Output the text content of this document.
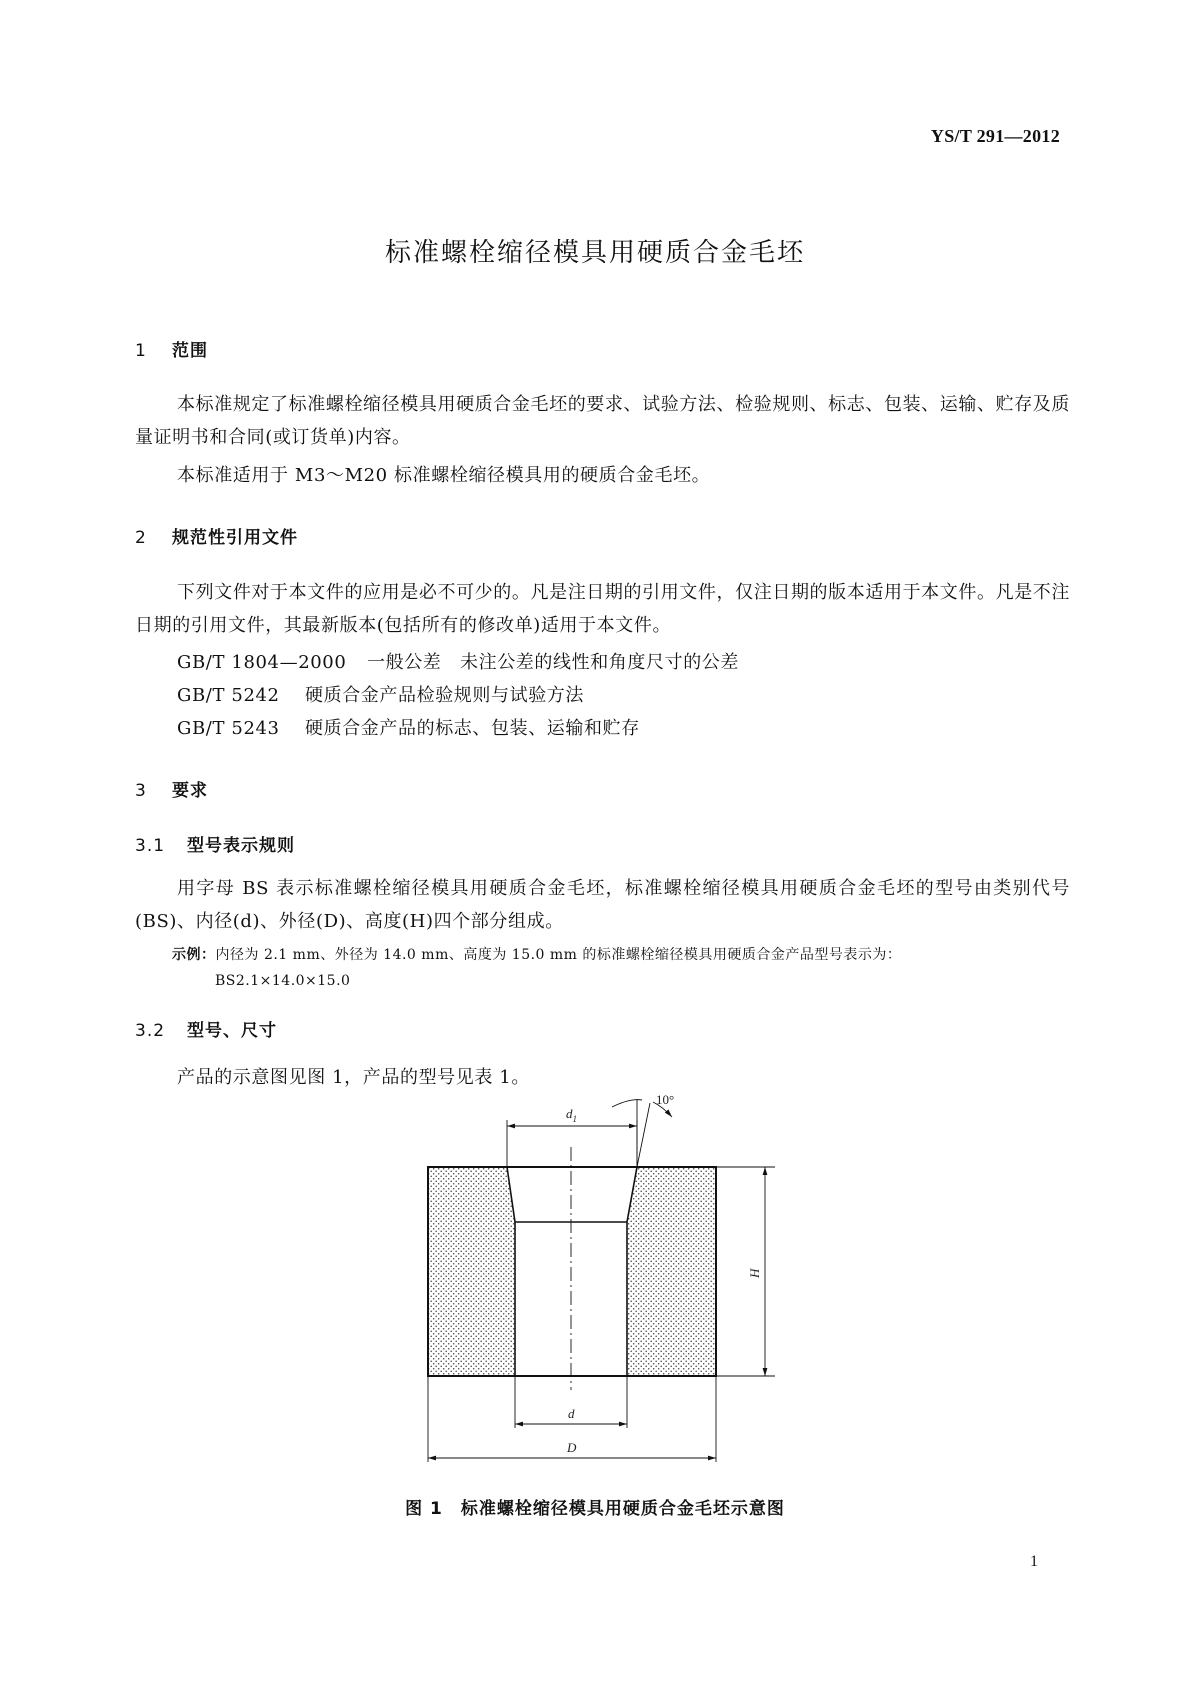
YS/T 291—2012
标准螺栓缩径模具用硬质合金毛坯
1 范围
本标准规定了标准螺栓缩径模具用硬质合金毛坯的要求、试验方法、检验规则、标志、包装、运输、贮存及质量证明书和合同(或订货单)内容。
本标准适用于 M3～M20 标准螺栓缩径模具用的硬质合金毛坯。
2 规范性引用文件
下列文件对于本文件的应用是必不可少的。凡是注日期的引用文件，仅注日期的版本适用于本文件。凡是不注日期的引用文件，其最新版本(包括所有的修改单)适用于本文件。
GB/T 1804—2000 一般公差　未注公差的线性和角度尺寸的公差
GB/T 5242 硬质合金产品检验规则与试验方法
GB/T 5243 硬质合金产品的标志、包装、运输和贮存
3 要求
3.1 型号表示规则
用字母 BS 表示标准螺栓缩径模具用硬质合金毛坯，标准螺栓缩径模具用硬质合金毛坯的型号由类别代号(BS)、内径(d)、外径(D)、高度(H)四个部分组成。
示例：内径为 2.1 mm、外径为 14.0 mm、高度为 15.0 mm 的标准螺栓缩径模具用硬质合金产品型号表示为：
BS2.1×14.0×15.0
3.2 型号、尺寸
产品的示意图见图 1，产品的型号见表 1。
$d_1$
10°
H
d
D
图 1　标准螺栓缩径模具用硬质合金毛坯示意图
1
